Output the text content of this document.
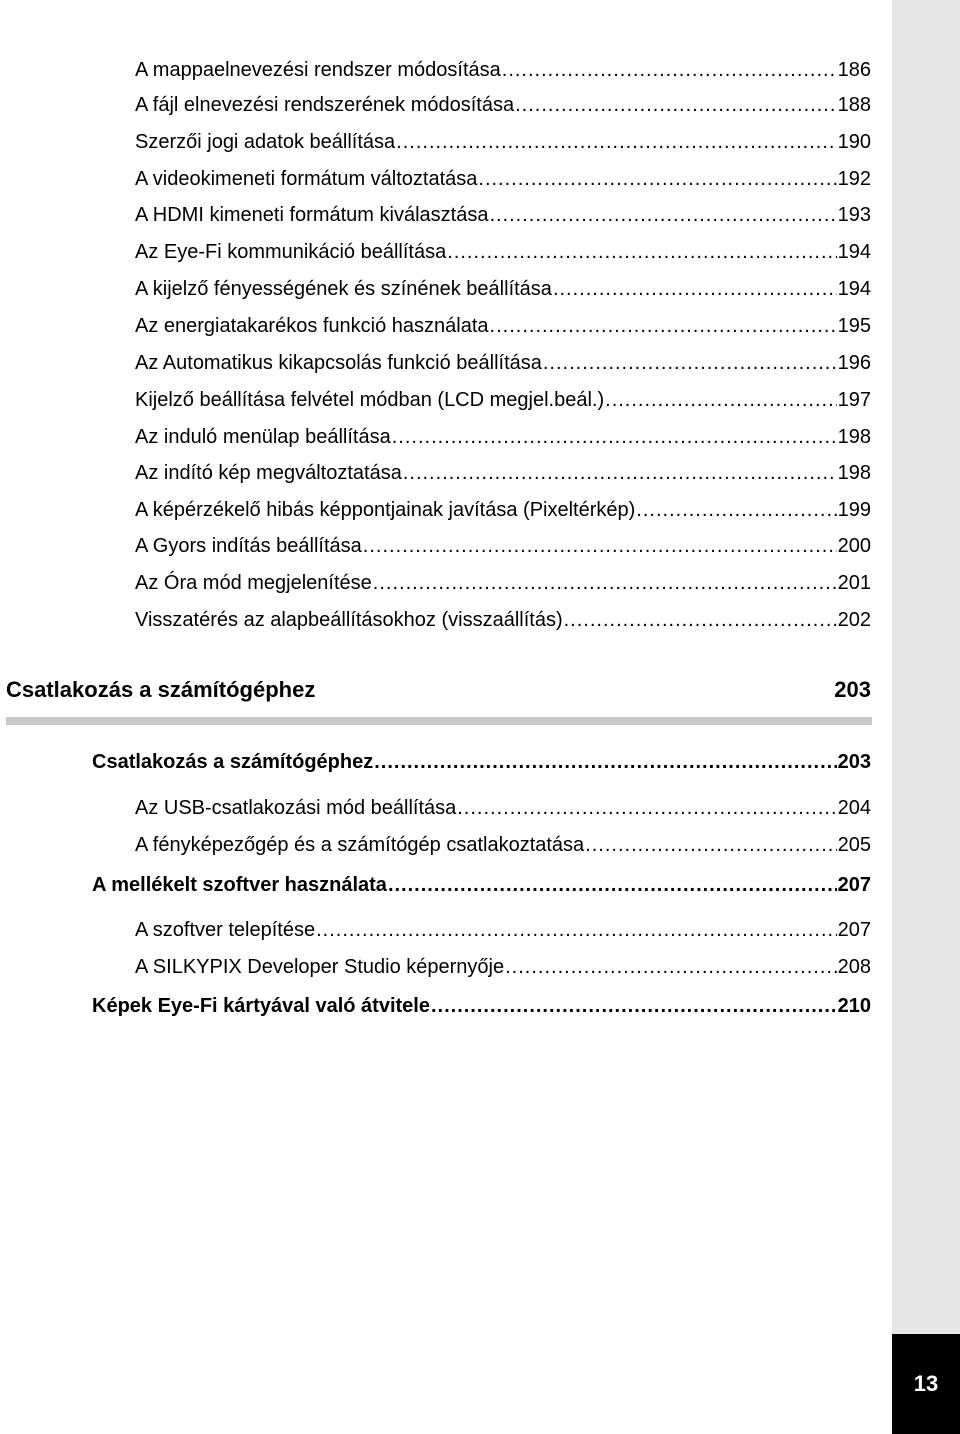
13
A mappaelnevezési rendszer módosítása .....	186
A fájl elnevezési rendszerének módosítása .....	188
Szerzői jogi adatok beállítása .....	190
A videokimeneti formátum változtatása .....	192
A HDMI kimeneti formátum kiválasztása .....	193
Az Eye-Fi kommunikáció beállítása .....	194
A kijelző fényességének és színének beállítása .....	194
Az energiatakarékos funkció használata .....	195
Az Automatikus kikapcsolás funkció beállítása .....	196
Kijelző beállítása felvétel módban (LCD megjel.beál.) .....	197
Az induló menülap beállítása .....	198
Az indító kép megváltoztatása .....	198
A képérzékelő hibás képpontjainak javítása (Pixeltérkép) .....	199
A Gyors indítás beállítása .....	200
Az Óra mód megjelenítése .....	201
Visszatérés az alapbeállításokhoz (visszaállítás) .....	202
Csatlakozás a számítógéphez	203
Csatlakozás a számítógéphez .....	203
Az USB-csatlakozási mód beállítása .....	204
A fényképezőgép és a számítógép csatlakoztatása .....	205
A mellékelt szoftver használata .....	207
A szoftver telepítése .....	207
A SILKYPIX Developer Studio képernyője .....	208
Képek Eye-Fi kártyával való átvitele .....	210
